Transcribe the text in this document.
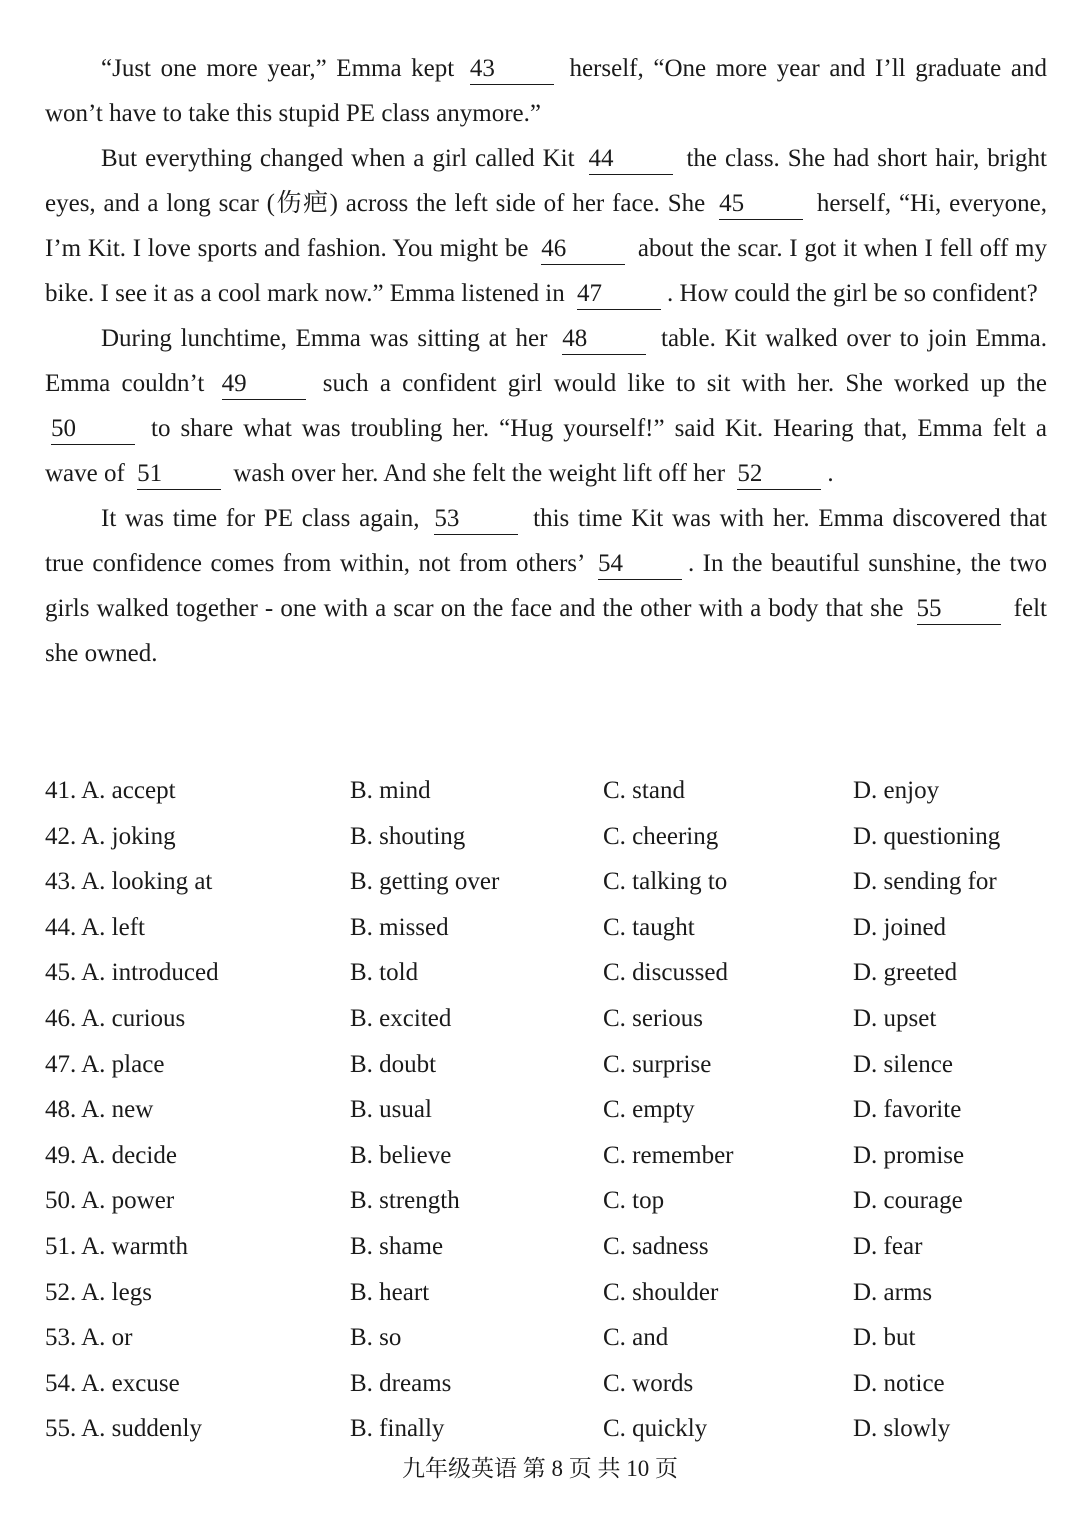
“Just one more year,” Emma kept 43	herself, “One more year and I’ll graduate and won’t have to take this stupid PE class anymore.”

But everything changed when a girl called Kit 44	the class. She had short hair, bright eyes, and a long scar (伤疤) across the left side of her face. She 45	herself, “Hi, everyone, I’m Kit. I love sports and fashion. You might be 46	about the scar. I got it when I fell off my bike. I see it as a cool mark now.” Emma listened in 47	. How could the girl be so confident?

During lunchtime, Emma was sitting at her 48	table. Kit walked over to join Emma. Emma couldn’t 49	such a confident girl would like to sit with her. She worked up the 50	to share what was troubling her. “Hug yourself!” said Kit. Hearing that, Emma felt a wave of 51	wash over her. And she felt the weight lift off her 52	.

It was time for PE class again, 53	this time Kit was with her. Emma discovered that true confidence comes from within, not from others’ 54	. In the beautiful sunshine, the two girls walked together - one with a scar on the face and the other with a body that she 55	felt she owned.

41. A. accept	B. mind	C. stand	D. enjoy
42. A. joking	B. shouting	C. cheering	D. questioning
43. A. looking at	B. getting over	C. talking to	D. sending for
44. A. left	B. missed	C. taught	D. joined
45. A. introduced	B. told	C. discussed	D. greeted
46. A. curious	B. excited	C. serious	D. upset
47. A. place	B. doubt	C. surprise	D. silence
48. A. new	B. usual	C. empty	D. favorite
49. A. decide	B. believe	C. remember	D. promise
50. A. power	B. strength	C. top	D. courage
51. A. warmth	B. shame	C. sadness	D. fear
52. A. legs	B. heart	C. shoulder	D. arms
53. A. or	B. so	C. and	D. but
54. A. excuse	B. dreams	C. words	D. notice
55. A. suddenly	B. finally	C. quickly	D. slowly
九年级英语 第 8 页 共 10 页
